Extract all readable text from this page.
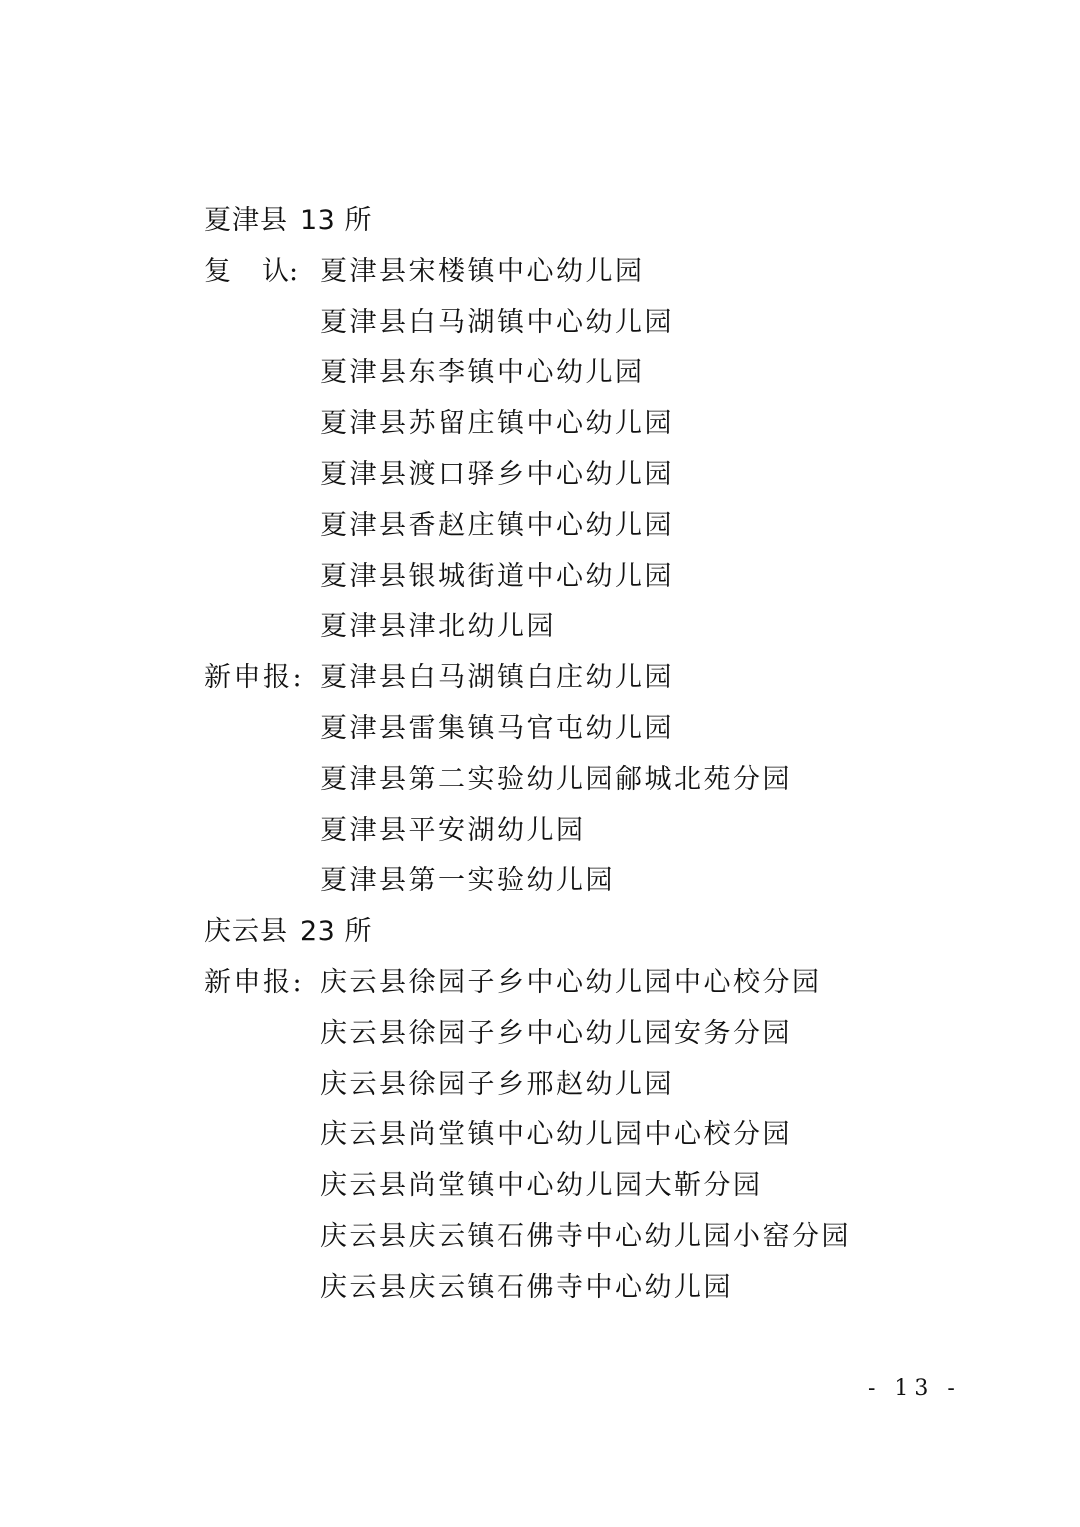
夏津县 13 所
复 认: 夏津县宋楼镇中心幼儿园
夏津县白马湖镇中心幼儿园
夏津县东李镇中心幼儿园
夏津县苏留庄镇中心幼儿园
夏津县渡口驿乡中心幼儿园
夏津县香赵庄镇中心幼儿园
夏津县银城街道中心幼儿园
夏津县津北幼儿园
新申报: 夏津县白马湖镇白庄幼儿园
夏津县雷集镇马官屯幼儿园
夏津县第二实验幼儿园鄃城北苑分园
夏津县平安湖幼儿园
夏津县第一实验幼儿园
庆云县 23 所
新申报: 庆云县徐园子乡中心幼儿园中心校分园
庆云县徐园子乡中心幼儿园安务分园
庆云县徐园子乡邢赵幼儿园
庆云县尚堂镇中心幼儿园中心校分园
庆云县尚堂镇中心幼儿园大靳分园
庆云县庆云镇石佛寺中心幼儿园小窑分园
庆云县庆云镇石佛寺中心幼儿园
- 13 -
